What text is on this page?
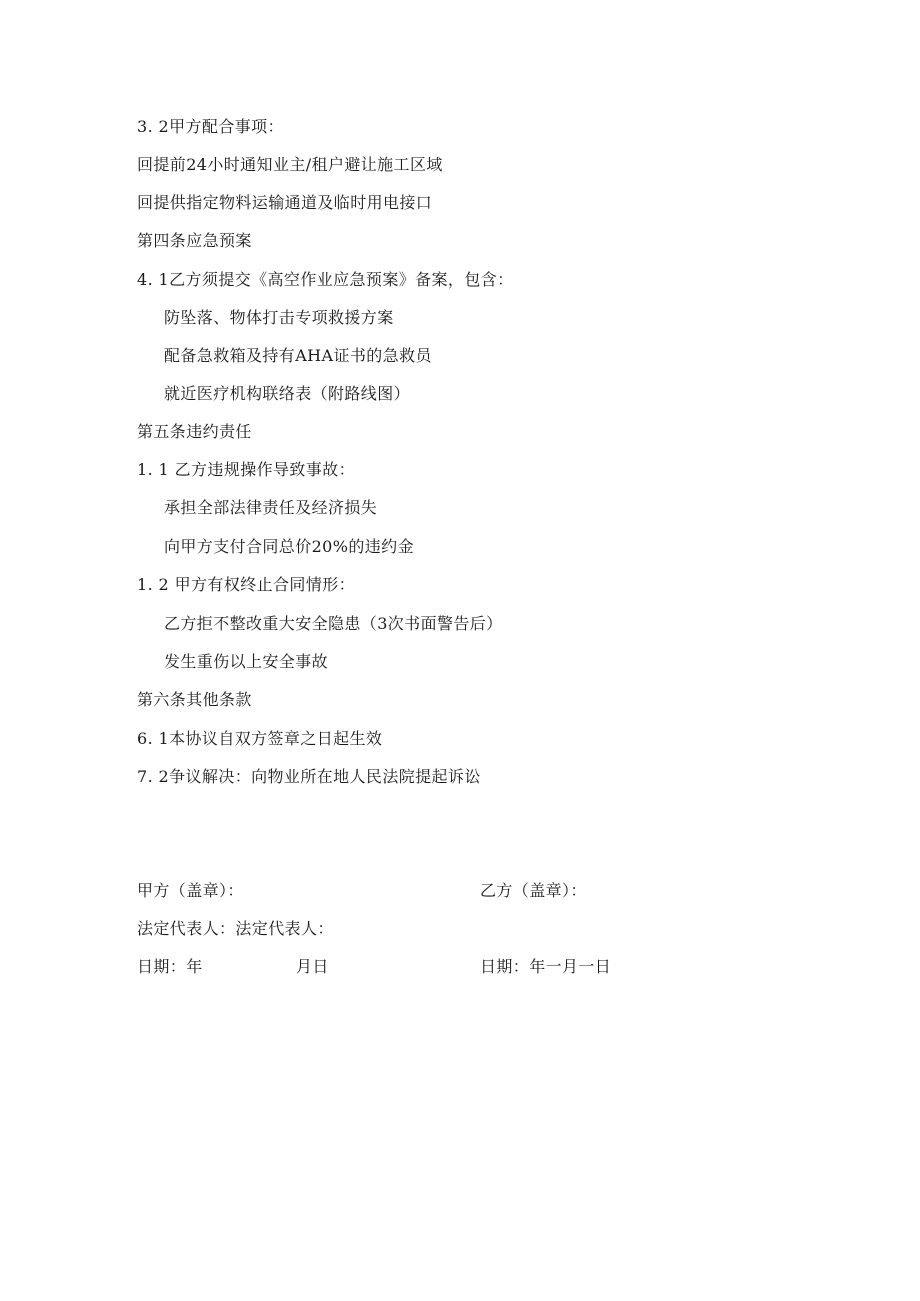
3. 2甲方配合事项：
回提前24小时通知业主/租户避让施工区域
回提供指定物料运输通道及临时用电接口
第四条应急预案
4. 1乙方须提交《高空作业应急预案》备案，包含：
防坠落、物体打击专项救援方案
配备急救箱及持有AHA证书的急救员
就近医疗机构联络表（附路线图）
第五条违约责任
1. 1 乙方违规操作导致事故：
承担全部法律责任及经济损失
向甲方支付合同总价20%的违约金
1. 2 甲方有权终止合同情形：
乙方拒不整改重大安全隐患（3次书面警告后）
发生重伤以上安全事故
第六条其他条款
6. 1本协议自双方签章之日起生效
7. 2争议解决：向物业所在地人民法院提起诉讼
甲方（盖章）：	乙方（盖章）：
法定代表人：法定代表人：
日期：年	月日	日期：年一月一日
